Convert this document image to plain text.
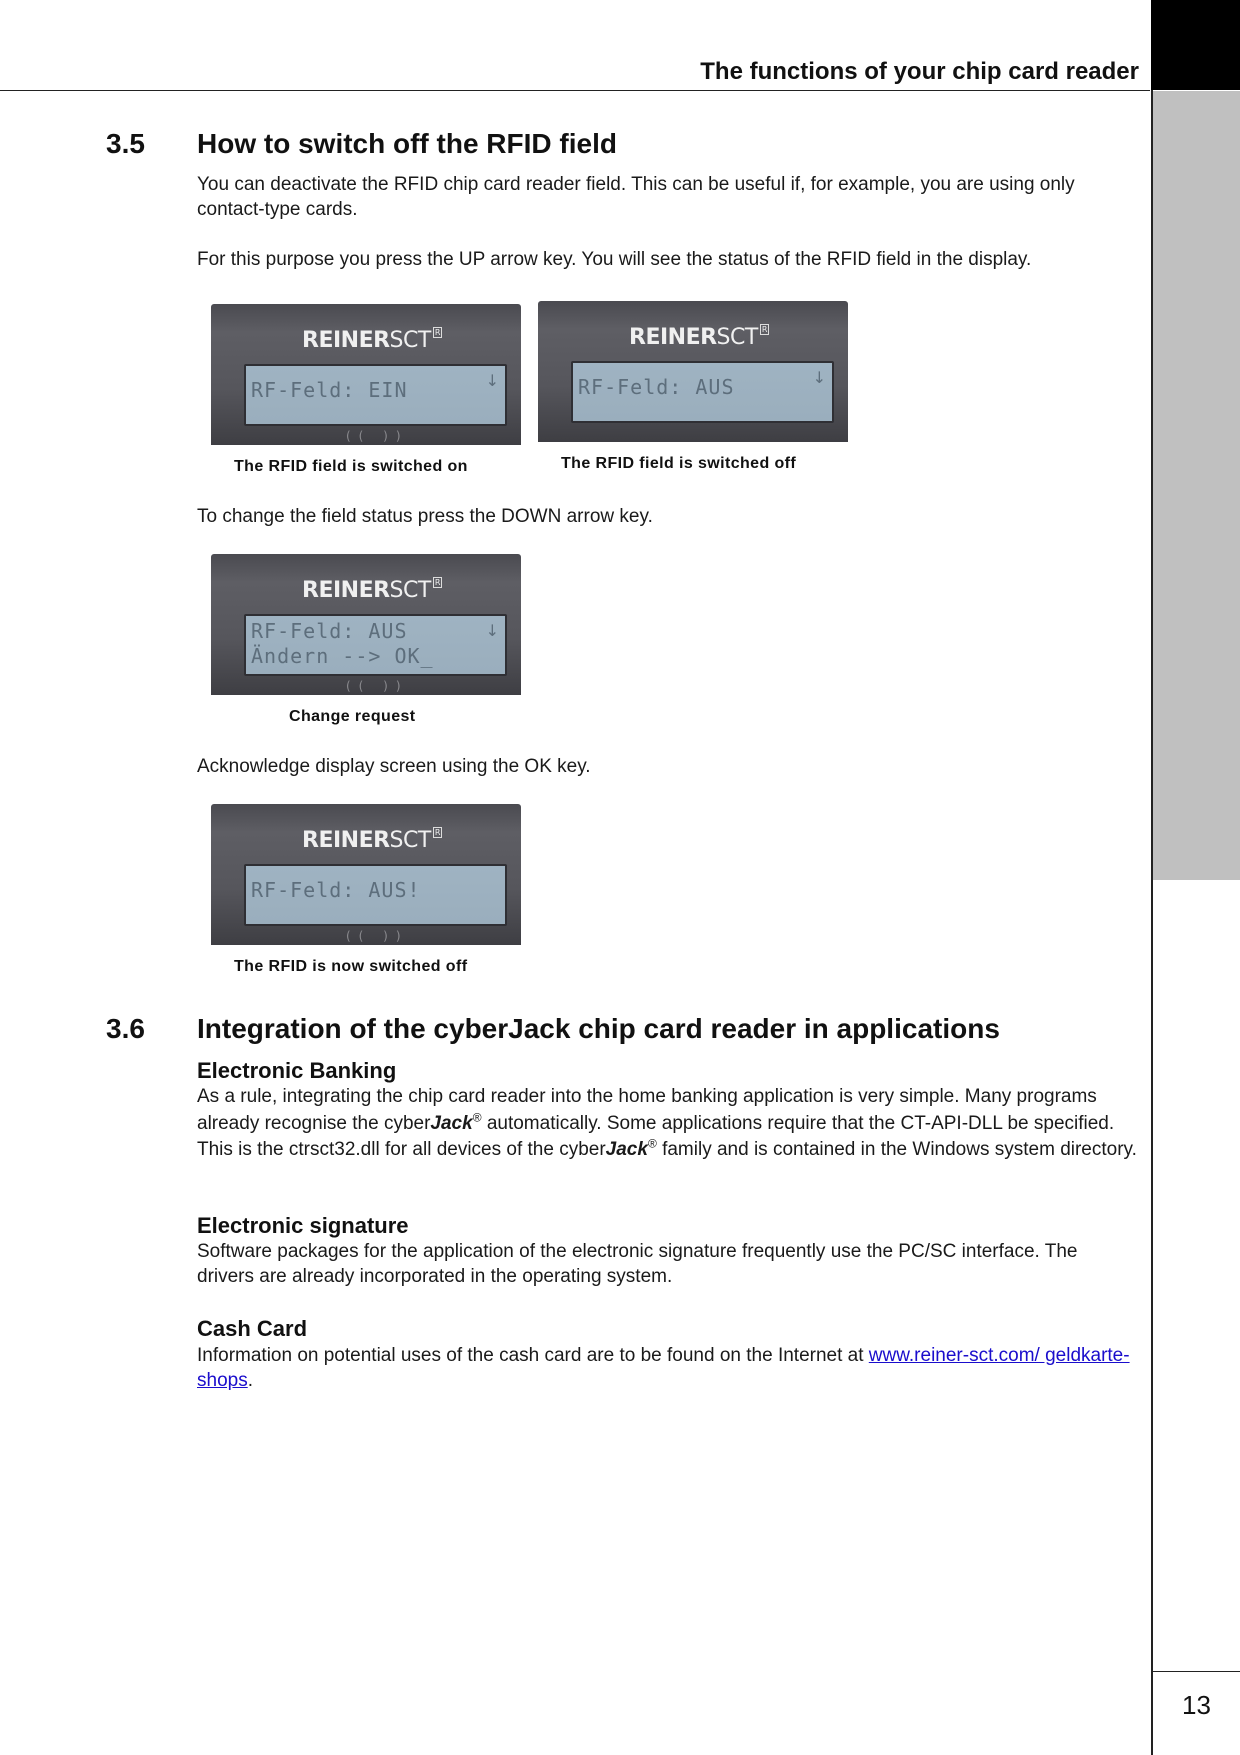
The functions of your chip card reader
13
3.5 How to switch off the RFID field
You can deactivate the RFID chip card reader field. This can be useful if, for example, you are using only contact-type cards.
For this purpose you press the UP arrow key. You will see the status of the RFID field in the display.
REINERSCT $^R$
RF-Feld: EIN	↓
(( ))
The RFID field is switched on
REINERSCT $^R$
RF-Feld: AUS	↓
The RFID field is switched off
To change the field status press the DOWN arrow key.
REINERSCT $^R$
RF-Feld: AUS
Ändern --> OK_
↓
(( ))
Change request
Acknowledge display screen using the OK key.
REINERSCT $^R$
RF-Feld: AUS!
(( ))
The RFID is now switched off
3.6 Integration of the cyberJack chip card reader in applications
Electronic Banking
As a rule, integrating the chip card reader into the home banking application is very simple. Many programs already recognise the cyberJack® automatically. Some applications require that the CT-API-DLL be specified. This is the ctrsct32.dll for all devices of the cyberJack® family and is contained in the Windows system directory.
Electronic signature
Software packages for the application of the electronic signature frequently use the PC/SC interface. The drivers are already incorporated in the operating system.
Cash Card
Information on potential uses of the cash card are to be found on the Internet at www.reiner-sct.com/ geldkarte-shops.
